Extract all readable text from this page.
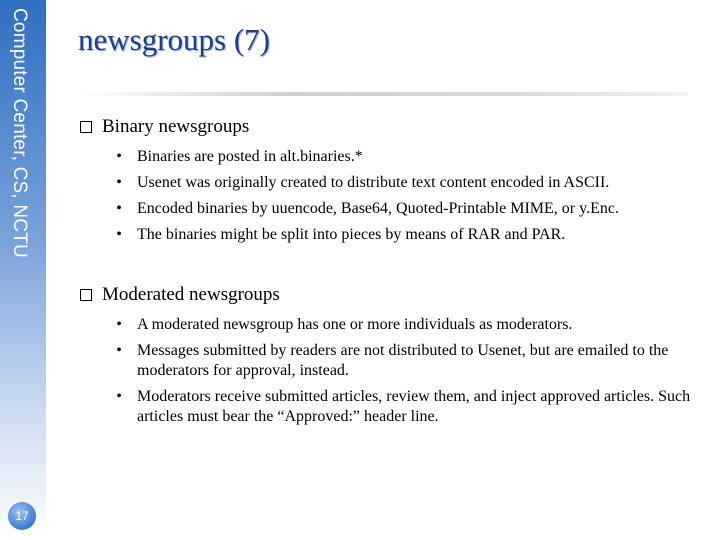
Computer Center, CS, NCTU
17
newsgroups (7)
Binary newsgroups
• Binaries are posted in alt.binaries.*
• Usenet was originally created to distribute text content encoded in ASCII.
• Encoded binaries by uuencode, Base64, Quoted-Printable MIME, or y.Enc.
• The binaries might be split into pieces by means of RAR and PAR.
Moderated newsgroups
• A moderated newsgroup has one or more individuals as moderators.
• Messages submitted by readers are not distributed to Usenet, but are emailed to the moderators for approval, instead.
• Moderators receive submitted articles, review them, and inject approved articles. Such articles must bear the “Approved:” header line.
